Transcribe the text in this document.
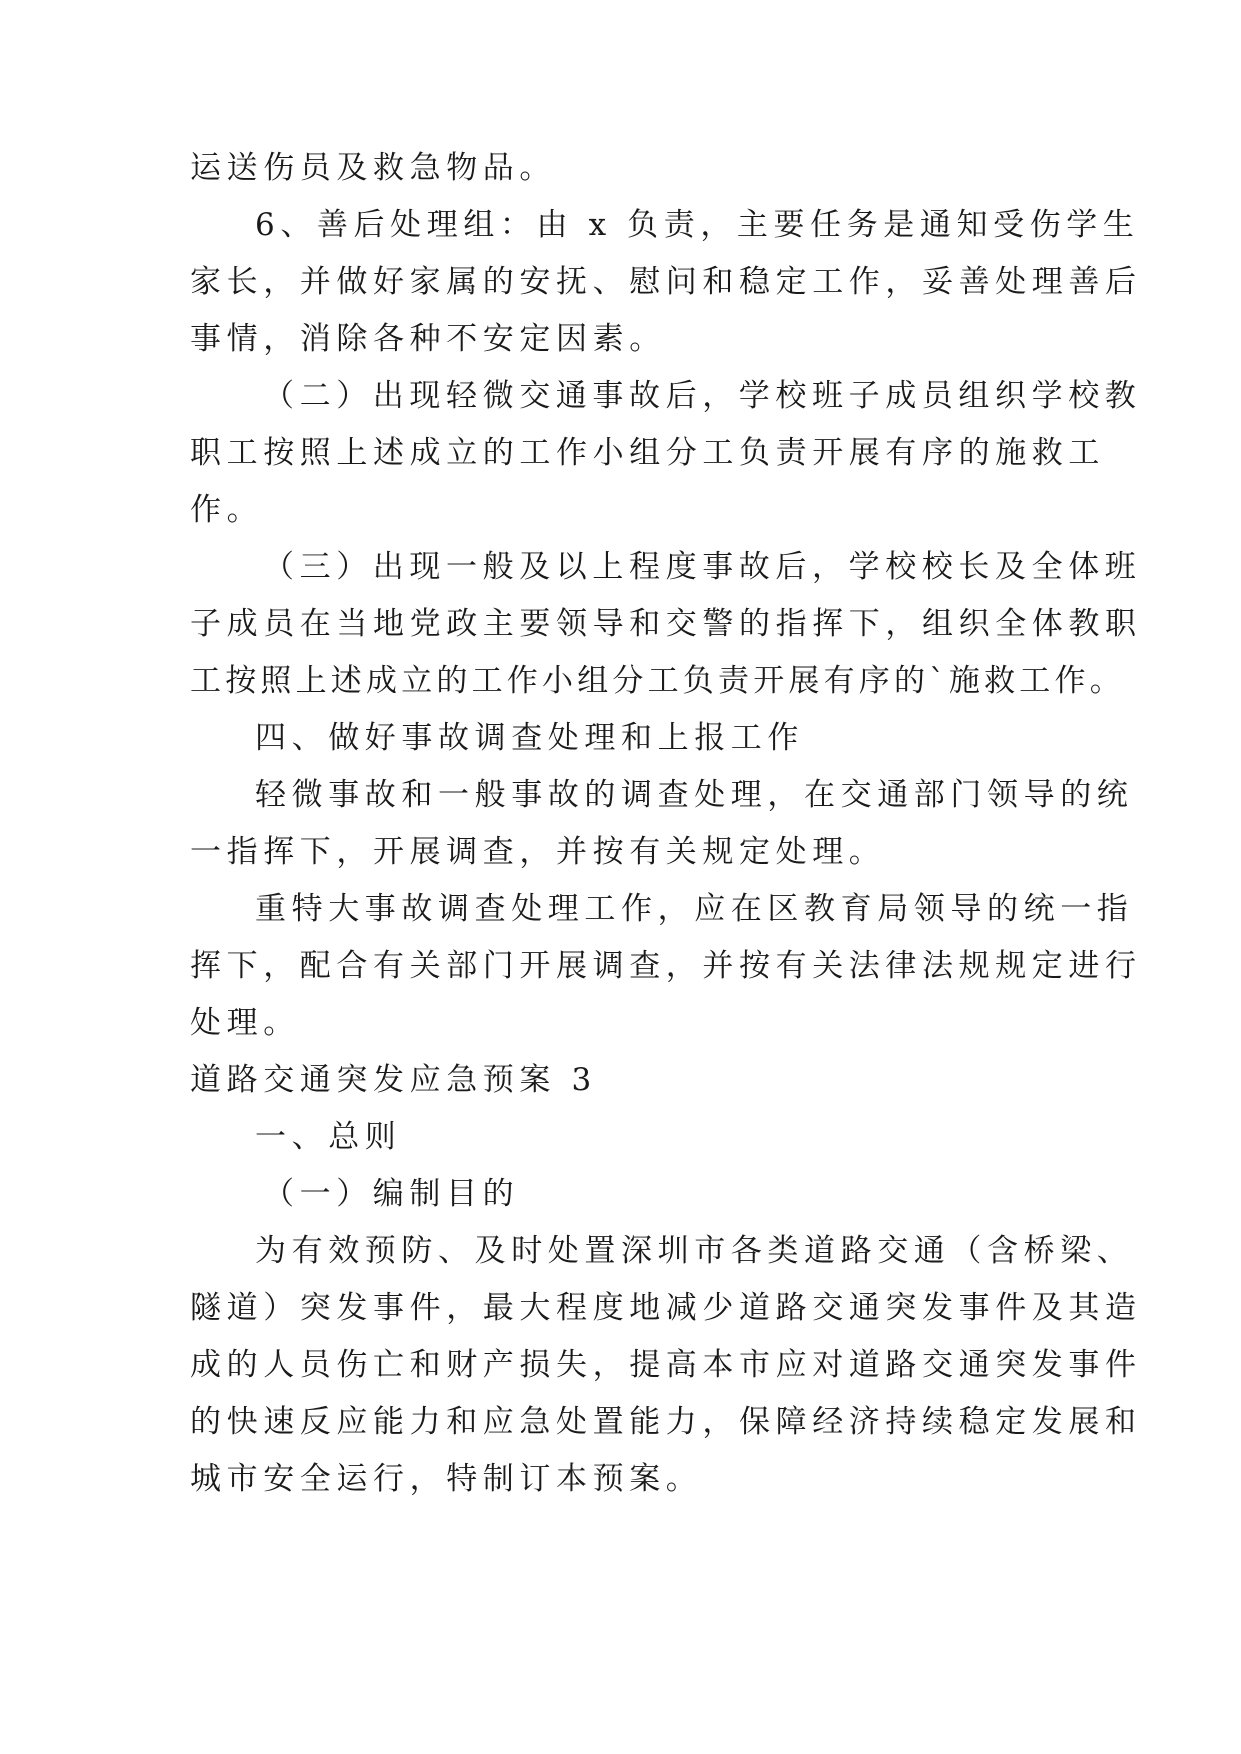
运送伤员及救急物品。
6、善后处理组：由 x 负责，主要任务是通知受伤学生
家长，并做好家属的安抚、慰问和稳定工作，妥善处理善后
事情，消除各种不安定因素。
（二）出现轻微交通事故后，学校班子成员组织学校教
职工按照上述成立的工作小组分工负责开展有序的施救工
作。
（三）出现一般及以上程度事故后，学校校长及全体班
子成员在当地党政主要领导和交警的指挥下，组织全体教职
工按照上述成立的工作小组分工负责开展有序的`施救工作。
四、做好事故调查处理和上报工作
轻微事故和一般事故的调查处理，在交通部门领导的统
一指挥下，开展调查，并按有关规定处理。
重特大事故调查处理工作，应在区教育局领导的统一指
挥下，配合有关部门开展调查，并按有关法律法规规定进行
处理。
道路交通突发应急预案 3
一、总则
（一）编制目的
为有效预防、及时处置深圳市各类道路交通（含桥梁、
隧道）突发事件，最大程度地减少道路交通突发事件及其造
成的人员伤亡和财产损失，提高本市应对道路交通突发事件
的快速反应能力和应急处置能力，保障经济持续稳定发展和
城市安全运行，特制订本预案。
